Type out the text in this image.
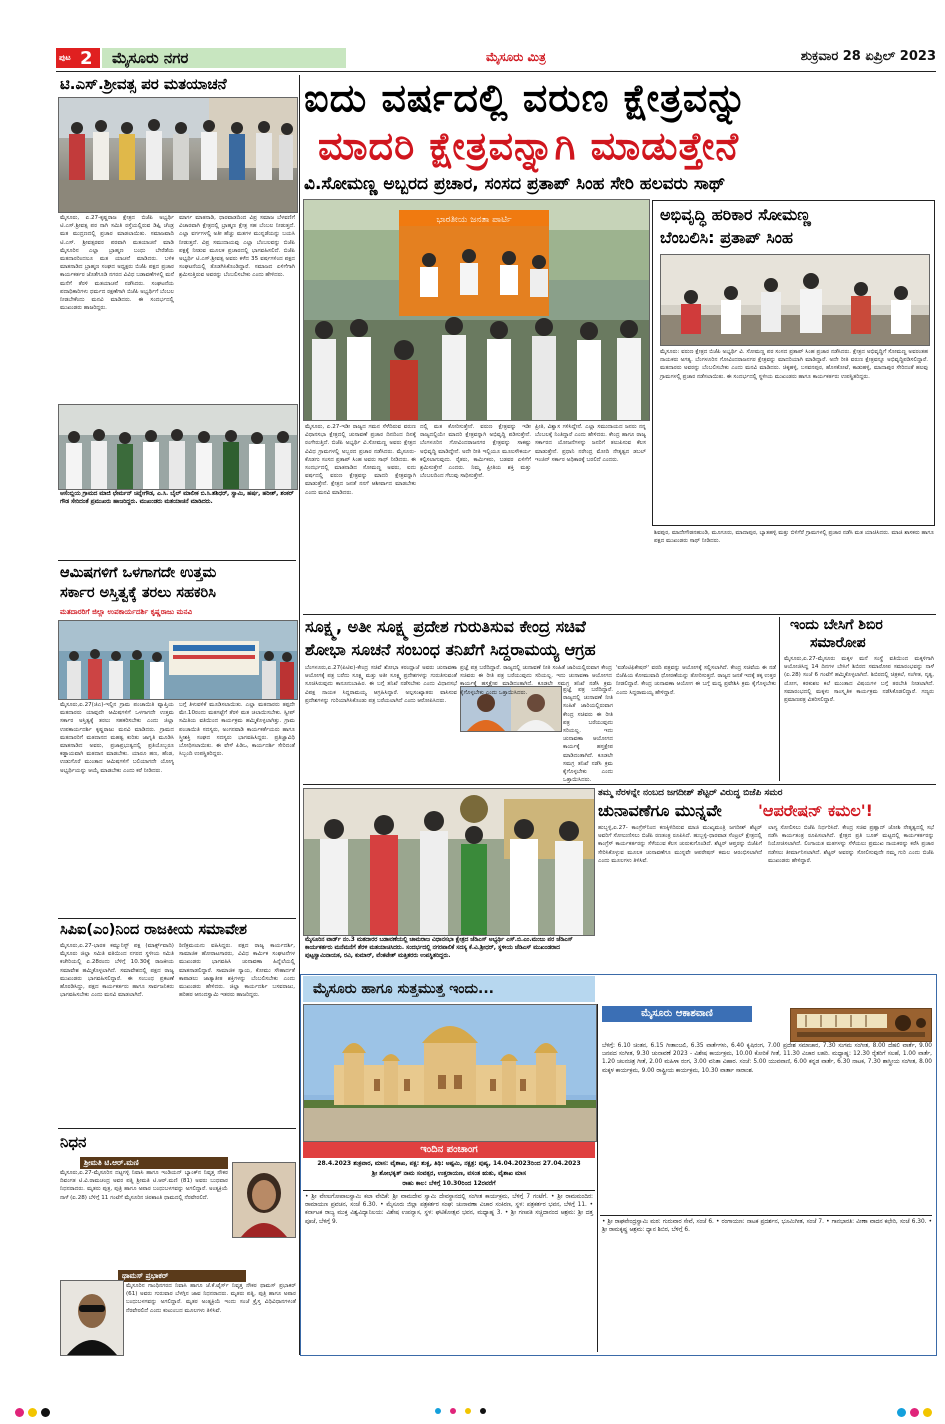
ಪುಟ 2	ಮೈಸೂರು ನಗರ	ಮೈಸೂರು ಮಿತ್ರ	ಶುಕ್ರವಾರ 28 ಏಪ್ರಿಲ್ 2023
ಟಿ.ಎಸ್.ಶ್ರೀವತ್ಸ ಪರ ಮತಯಾಚನೆ
ಮೈಸೂರು, ಏ.27-ಕೃಷ್ಣರಾಜ ಕ್ಷೇತ್ರದ ಬಿಜೆಪಿ ಅಭ್ಯರ್ಥಿ ಟಿ.ಎಸ್.ಶ್ರೀವತ್ಸ ಪರ ನಾಗಿ ಸಮಿತಿ ರಸ್ತೆಯಲ್ಲಿರುವ ಡಿಪ್ಪಿ ಚೆಂಡ್ರ ಮತ ಮುದ್ರಣದಲ್ಲಿ ಪ್ರಚಾರ ಮಾಡಲಾಯಿತು. ಸಮಾಜವಾದಿ ಟಿ.ಎಸ್. ಶ್ರೀವತ್ಸರವರ ಪರವಾಗಿ ಮತಯಾಚನೆ ಮಾಡಿ ಮೈಸೂರಿನ ಎಲ್ಲಾ ಬ್ರಾಹ್ಮಣ ಬಂಧು ಬೇರೆಡೆಯ ಮತದಾರರಿಂದಲೂ ಮತ ಯಾಚನೆ ಮಾಡಿದರು. ಬಳಿಕ ಮಾತನಾಡಿದ ಬ್ರಾಹ್ಮಣ ಸಂಘದ ಅಧ್ಯಕ್ಷರು ಬಿಜೆಪಿ ಪಕ್ಷದ ಪ್ರಚಾರ ಕಾರ್ಯಕರ್ತರ ಜೊತೆಗೂಡಿ ನಗರದ ವಿವಿಧ ಬಡಾವಣೆಗಳಲ್ಲಿ ಮನೆ ಮನೆಗೆ ತೆರಳಿ ಮತಯಾಚನೆ ನಡೆಸಿದರು. ಸಂಘಟನೆಯ ಪದಾಧಿಕಾರಿಗಳು ಧರ್ಮದ ರಕ್ಷಣೆಗಾಗಿ ಬಿಜೆಪಿ ಅಭ್ಯರ್ಥಿಗೆ ಬೆಂಬಲ ನೀಡಬೇಕೆಂದು ಮನವಿ ಮಾಡಿದರು. ಈ ಸಂದರ್ಭದಲ್ಲಿ ಮುಖಂಡರು ಹಾಜರಿದ್ದರು.
ಮಾರ್ಗ ಮಾತನಾಡಿ, ಧಾರವಾಡದಿಂದ ವಿಪ್ರ ಸಮಾಜ ಬೆಳವಣಿಗೆ ವಿಚಾರವಾಗಿ ಕ್ಷೇತ್ರದಲ್ಲಿ ಬ್ರಾಹ್ಮಣ ಕ್ಷೇತ್ರ ಸಹ ಬೆಂಬಲ ನೀಡುತ್ತದೆ. ಎಲ್ಲಾ ವರ್ಗಗಳಲ್ಲಿ ಅತೀ ಹೆಚ್ಚು ಮತಗಳ ಮುನ್ನಡೆಯನ್ನು ಬಯಸಿ ನೀಡುತ್ತದೆ. ವಿಪ್ರ ಸಮುದಾಯವು ಎಲ್ಲಾ ಬೆಂಬಲವನ್ನು ಬಿಜೆಪಿ ಪಕ್ಷಕ್ಕೆ ನೀಡುವ ಮೂಲಕ ಪ್ರಚಾರದಲ್ಲಿ ಭಾಗವಹಿಸಲಿದೆ. ಬಿಜೆಪಿ ಅಭ್ಯರ್ಥಿ ಟಿ.ಎಸ್.ಶ್ರೀವತ್ಸ ಅವರು ಕಳೆದ 35 ವರ್ಷಗಳಿಂದ ಪಕ್ಷದ ಸಂಘಟನೆಯಲ್ಲಿ ತೊಡಗಿಸಿಕೊಂಡಿದ್ದಾರೆ. ಸಮಾಜದ ಏಳಿಗೆಗಾಗಿ ಶ್ರಮಿಸುತ್ತಿರುವ ಅವರನ್ನು ಬೆಂಬಲಿಸಬೇಕು ಎಂದು ಹೇಳಿದರು.
ಆಸೆಂಬ್ಲಿಯ ಗ್ರಾಮದ ಮಾಜಿ ಛೇರ್ಮನ್ ಚಿನ್ನೇಗೌಡ, ಎ.ಸಿ. ಬೈಲ್ ಮಾಲೀಕ ಬಿ.ಸಿ.ಶಶಿಧರ್, ಸ್ವಾಮಿ, ಹರ್ಷ, ಹರೀಶ್, ಶಂಕರ್ ಗೌಡ ಸೇರಿದಂತೆ ಪ್ರಮುಖರು ಹಾಜರಿದ್ದರು. ಮುಖಂಡರು ಮತಯಾಚನೆ ಮಾಡಿದರು.
ಆಮಿಷಗಳಿಗೆ ಒಳಗಾಗದೇ ಉತ್ತಮ
ಸರ್ಕಾರ ಅಸ್ತಿತ್ವಕ್ಕೆ ತರಲು ಸಹಕರಿಸಿ
ಮತದಾರರಿಗೆ ಜಿಲ್ಲಾ ಉಪಕಾರ್ಯದರ್ಶಿ ಕೃಷ್ಣರಾಜು ಮನವಿ
ಮೈಸೂರು,ಏ.27(ಜಿಎ)-ಇಲ್ಲಿನ ಗ್ರಾಮ ಪಂಚಾಯಿತಿ ವ್ಯಾಪ್ತಿಯ ಮತದಾರರು ಯಾವುದೇ ಆಮಿಷಗಳಿಗೆ ಒಳಗಾಗದೇ ಉತ್ತಮ ಸರ್ಕಾರ ಅಸ್ತಿತ್ವಕ್ಕೆ ತರಲು ಸಹಕರಿಸಬೇಕು ಎಂದು ಜಿಲ್ಲಾ ಉಪಕಾರ್ಯದರ್ಶಿ ಕೃಷ್ಣರಾಜು ಮನವಿ ಮಾಡಿದರು. ಗ್ರಾಮದ ಮತದಾರರಿಗೆ ಮತದಾನದ ಮಹತ್ವ ಕುರಿತು ಜಾಗೃತಿ ಮೂಡಿಸಿ ಮಾತನಾಡಿದ ಅವರು, ಪ್ರಜಾಪ್ರಭುತ್ವದಲ್ಲಿ ಪ್ರತಿಯೊಬ್ಬರೂ ಕಡ್ಡಾಯವಾಗಿ ಮತದಾನ ಮಾಡಬೇಕು. ಯಾರೂ ಹಣ, ಹೆಂಡ, ಉಡುಗೊರೆ ಮುಂತಾದ ಆಮಿಷಗಳಿಗೆ ಬಲಿಯಾಗದೇ ಯೋಗ್ಯ ಅಭ್ಯರ್ಥಿಯನ್ನು ಆಯ್ಕೆ ಮಾಡಬೇಕು ಎಂದು ಕರೆ ನೀಡಿದರು.
ಬಗ್ಗೆ ತಿಳುವಳಿಕೆ ಮೂಡಿಸಲಾಯಿತು. ಎಲ್ಲಾ ಮತದಾರರು ತಪ್ಪದೇ ಮೇ.10ರಂದು ಮತಗಟ್ಟೆಗೆ ತೆರಳಿ ಮತ ಚಲಾಯಿಸಬೇಕು. ಸ್ವೀಪ್ ಸಮಿತಿಯ ವತಿಯಿಂದ ಕಾರ್ಯಕ್ರಮ ಹಮ್ಮಿಕೊಳ್ಳಲಾಗಿತ್ತು. ಗ್ರಾಮ ಪಂಚಾಯಿತಿ ಸದಸ್ಯರು, ಅಂಗನವಾಡಿ ಕಾರ್ಯಕರ್ತೆಯರು ಹಾಗೂ ಸ್ತ್ರೀಶಕ್ತಿ ಸಂಘದ ಸದಸ್ಯರು ಭಾಗವಹಿಸಿದ್ದರು. ಪ್ರತಿಜ್ಞಾವಿಧಿ ಬೋಧಿಸಲಾಯಿತು. ಈ ವೇಳೆ ಪಿಡಿಒ, ಕಾರ್ಯದರ್ಶಿ ಸೇರಿದಂತೆ ಸಿಬ್ಬಂದಿ ಉಪಸ್ಥಿತರಿದ್ದರು.
ಸಿಪಿಐ(ಎಂ)ನಿಂದ ರಾಜಕೀಯ ಸಮಾವೇಶ
ಮೈಸೂರು,ಏ.27-ಭಾರತ ಕಮ್ಯುನಿಸ್ಟ್ ಪಕ್ಷ (ಮಾರ್ಕ್ಸ್‌ವಾದಿ) ಮೈಸೂರು ಜಿಲ್ಲಾ ಸಮಿತಿ ವತಿಯಿಂದ ನಗರದ ಸ್ಥಳೀಯ ಸಮಿತಿ ಕಚೇರಿಯಲ್ಲಿ ಏ.28ರಂದು ಬೆಳಿಗ್ಗೆ 10.30ಕ್ಕೆ ರಾಜಕೀಯ ಸಮಾವೇಶ ಹಮ್ಮಿಕೊಳ್ಳಲಾಗಿದೆ. ಸಮಾವೇಶದಲ್ಲಿ ಪಕ್ಷದ ರಾಜ್ಯ ಮುಖಂಡರು ಭಾಗವಹಿಸಲಿದ್ದಾರೆ. ಈ ಸಂಬಂಧ ಪ್ರಕಟಣೆ ಹೊರಡಿಸಿದ್ದು, ಪಕ್ಷದ ಕಾರ್ಯಕರ್ತರು ಹಾಗೂ ಸಾರ್ವಜನಿಕರು ಭಾಗವಹಿಸಬೇಕು ಎಂದು ಮನವಿ ಮಾಡಲಾಗಿದೆ.
ಠಿಣಿಕ್ರಮಯನು ವಹಿಸಿದ್ದರು. ಪಕ್ಷದ ರಾಜ್ಯ ಕಾರ್ಯದರ್ಶಿ, ಸಾಮಾಜಿಕ ಹೋರಾಟಗಾರರು, ವಿವಿಧ ಕಾರ್ಮಿಕ ಸಂಘಟನೆಗಳ ಮುಖಂಡರು ಭಾಗವಹಿಸಿ ಚುನಾವಣಾ ಹಿನ್ನೆಲೆಯಲ್ಲಿ ಮಾತನಾಡಲಿದ್ದಾರೆ. ಸಾಮಾಜಿಕ ನ್ಯಾಯ, ಕೋಮು ಸೌಹಾರ್ದತೆ ಕಾಪಾಡಲು ಜಾತ್ಯಾತೀತ ಶಕ್ತಿಗಳನ್ನು ಬೆಂಬಲಿಸಬೇಕು ಎಂದು ಮುಖಂಡರು ಹೇಳಿದರು. ಜಿಲ್ಲಾ ಕಾರ್ಯದರ್ಶಿ ಬಸವರಾಜು, ಹರಿಹರ ಆನಂದಸ್ವಾಮಿ ಇತರರು ಹಾಜರಿದ್ದರು.
ನಿಧನ
ಶ್ರೀಮತಿ ಟಿ.ಆರ್.ಮಣಿ
ಮೈಸೂರು,ಏ.27-ಮೈಸೂರಿನ ದಟ್ಟಗಳ್ಳಿ ನಿವಾಸಿ ಹಾಗೂ ಇಂಡಿಯನ್ ಬ್ಯಾಂಕ್‌ನ ನಿವೃತ್ತ ನೌಕರ ದಿವಂಗತ ಟಿ.ವಿ.ರಾಮಚಂದ್ರ ಅವರ ಪತ್ನಿ ಶ್ರೀಮತಿ ಟಿ.ಆರ್.ಮಣಿ (81) ಅವರು ಬುಧವಾರ ನಿಧನರಾದರು. ಮೃತರು ಪುತ್ರ, ಪುತ್ರಿ ಹಾಗೂ ಅಪಾರ ಬಂಧುಬಳಗವನ್ನು ಅಗಲಿದ್ದಾರೆ. ಅಂತ್ಯಕ್ರಿಯೆ ನಾಳೆ (ಏ.28) ಬೆಳಿಗ್ಗೆ 11 ಗಂಟೆಗೆ ಮೈಸೂರಿನ ಚಿರಶಾಂತಿ ಧಾಮದಲ್ಲಿ ನೆರವೇರಲಿದೆ.
ಥಾಮಸ್ ಪ್ರಭಾಕರ್
ಮೈಸೂರಿನ ಗಾಂಧಿನಗರದ ನಿವಾಸಿ ಹಾಗೂ ಜೆ.ಕೆ.ಟೈರ್ಸ್ ನಿವೃತ್ತ ನೌಕರ ಥಾಮಸ್ ಪ್ರಭಾಕರ್ (61) ಅವರು ಗುರುವಾರ ಬೆಳಗ್ಗಿನ ಜಾವ ನಿಧನರಾದರು. ಮೃತರು ಪತ್ನಿ, ಪುತ್ರಿ ಹಾಗೂ ಅಪಾರ ಬಂಧುಬಳಗವನ್ನು ಅಗಲಿದ್ದಾರೆ. ಮೃತರ ಅಂತ್ಯಕ್ರಿಯೆ ಇಂದು ಸಂಜೆ ಕ್ರೈಸ್ತ ವಿಧಿವಿಧಾನಗಳಂತೆ ನೆರವೇರಲಿದೆ ಎಂದು ಕುಟುಂಬದ ಮೂಲಗಳು ತಿಳಿಸಿವೆ.
ಐದು ವರ್ಷದಲ್ಲಿ ವರುಣ ಕ್ಷೇತ್ರವನ್ನು
ಮಾದರಿ ಕ್ಷೇತ್ರವನ್ನಾಗಿ ಮಾಡುತ್ತೇನೆ
ವಿ.ಸೋಮಣ್ಣ ಅಬ್ಬರದ ಪ್ರಚಾರ, ಸಂಸದ ಪ್ರತಾಪ್ ಸಿಂಹ ಸೇರಿ ಹಲವರು ಸಾಥ್
ಭಾರತೀಯ ಜನತಾ ಪಾರ್ಟಿ
ಮೈಸೂರು, ಏ.27-ಇಡೀ ರಾಜ್ಯದ ಗಮನ ಸೆಳೆದಿರುವ ವರುಣ ವಿಧಾನಸಭಾ ಕ್ಷೇತ್ರದಲ್ಲಿ ಚುನಾವಣೆ ಪ್ರಚಾರ ದಿನದಿಂದ ದಿನಕ್ಕೆ ರಂಗೇರುತ್ತಿದೆ. ಬಿಜೆಪಿ ಅಭ್ಯರ್ಥಿ ವಿ.ಸೋಮಣ್ಣ ಅವರು ಕ್ಷೇತ್ರದ ವಿವಿಧ ಗ್ರಾಮಗಳಲ್ಲಿ ಅಬ್ಬರದ ಪ್ರಚಾರ ನಡೆಸಿದರು. ಮೈಸೂರು-ಕೊಡಗು ಸಂಸದ ಪ್ರತಾಪ್ ಸಿಂಹ ಅವರು ಸಾಥ್ ನೀಡಿದರು. ಈ ಸಂದರ್ಭದಲ್ಲಿ ಮಾತನಾಡಿದ ಸೋಮಣ್ಣ ಅವರು, ಐದು ವರ್ಷದಲ್ಲಿ ವರುಣ ಕ್ಷೇತ್ರವನ್ನು ಮಾದರಿ ಕ್ಷೇತ್ರವನ್ನಾಗಿ ಮಾಡುತ್ತೇನೆ. ಕ್ಷೇತ್ರದ ಜನತೆ ನನಗೆ ಆಶೀರ್ವಾದ ಮಾಡಬೇಕು ಎಂದು ಮನವಿ ಮಾಡಿದರು.
ದಲ್ಲಿ ಮತ ಕೋರಿಸುತ್ತೇನೆ. ವರುಣ ಕ್ಷೇತ್ರವನ್ನು ಇಡೀ ರಾಜ್ಯದಲ್ಲಿಯೇ ಮಾದರಿ ಕ್ಷೇತ್ರವನ್ನಾಗಿ ಅಭಿವೃದ್ಧಿ ಪಡಿಸುತ್ತೇನೆ. ಬೆಂಗಳೂರಿನ ಗೋವಿಂದರಾಜನಗರ ಕ್ಷೇತ್ರವನ್ನು ಸಾಕಷ್ಟು ಅಭಿವೃದ್ಧಿ ಮಾಡಿದ್ದೇನೆ. ಅದೇ ರೀತಿ ಇಲ್ಲಿಯೂ ಮೂಲಸೌಕರ್ಯ ಕಲ್ಪಿಸಲಾಗುವುದು. ರೈತರು, ಕಾರ್ಮಿಕರು, ಬಡವರ ಏಳಿಗೆಗೆ ಶ್ರಮಿಸುತ್ತೇನೆ ಎಂದರು. ನಿಮ್ಮ ಪ್ರೀತಿಯ ಶಕ್ತಿ ಮತ್ತು ಬೆಂಬಲದಿಂದ ಗೆಲುವು ಸಾಧಿಸುತ್ತೇನೆ.
ಪ್ರೀತಿ, ವಿಶ್ವಾಸ ಗಳಿಸಿದ್ದೇನೆ. ಎಲ್ಲಾ ಸಮುದಾಯದ ಜನರು ನನ್ನ ಬೆಂಬಲಕ್ಕೆ ನಿಂತಿದ್ದಾರೆ ಎಂದು ಹೇಳಿದರು. ಕೇಂದ್ರ ಹಾಗೂ ರಾಜ್ಯ ಸರ್ಕಾರದ ಯೋಜನೆಗಳನ್ನು ಜನರಿಗೆ ತಲುಪಿಸುವ ಕೆಲಸ ಮಾಡುತ್ತೇನೆ. ಪ್ರಧಾನಿ ನರೇಂದ್ರ ಮೋದಿ ನೇತೃತ್ವದ ಡಬಲ್ ಇಂಜಿನ್ ಸರ್ಕಾರ ಅಧಿಕಾರಕ್ಕೆ ಬರಲಿದೆ ಎಂದರು.
ಅಭಿವೃದ್ಧಿ ಹರಿಕಾರ ಸೋಮಣ್ಣ
ಬೆಂಬಲಿಸಿ: ಪ್ರತಾಪ್ ಸಿಂಹ
ಮೈಸೂರು: ವರುಣ ಕ್ಷೇತ್ರದ ಬಿಜೆಪಿ ಅಭ್ಯರ್ಥಿ ವಿ. ಸೋಮಣ್ಣ ಪರ ಸಂಸದ ಪ್ರತಾಪ್ ಸಿಂಹ ಪ್ರಚಾರ ನಡೆಸಿದರು. ಕ್ಷೇತ್ರದ ಅಭಿವೃದ್ಧಿಗೆ ಸೋಮಣ್ಣ ಅವರಂತಹ ನಾಯಕರು ಅಗತ್ಯ. ಬೆಂಗಳೂರಿನ ಗೋವಿಂದರಾಜನಗರ ಕ್ಷೇತ್ರವನ್ನು ಮಾದರಿಯಾಗಿ ಮಾಡಿದ್ದಾರೆ. ಅದೇ ರೀತಿ ವರುಣ ಕ್ಷೇತ್ರವನ್ನೂ ಅಭಿವೃದ್ಧಿಪಡಿಸಲಿದ್ದಾರೆ. ಮತದಾರರು ಅವರನ್ನು ಬೆಂಬಲಿಸಬೇಕು ಎಂದು ಮನವಿ ಮಾಡಿದರು. ಚಿಕ್ಕಹಳ್ಳಿ, ಬಸವನಪುರ, ಹೊಸಕೋಟೆ, ಕಾಡುಹಳ್ಳಿ, ಮಾದಾಪುರ ಸೇರಿದಂತೆ ಹಲವು ಗ್ರಾಮಗಳಲ್ಲಿ ಪ್ರಚಾರ ನಡೆಸಲಾಯಿತು. ಈ ಸಂದರ್ಭದಲ್ಲಿ ಸ್ಥಳೀಯ ಮುಖಂಡರು ಹಾಗೂ ಕಾರ್ಯಕರ್ತರು ಉಪಸ್ಥಿತರಿದ್ದರು.
ಶಿವಪುರ, ಮಾದೇಗೌಡನಹುಂಡಿ, ಮೂಗೂರು, ಮಾದಾಪುರ, ಬ್ಯಾತಹಳ್ಳಿ ಮತ್ತು ಬಿಳಿಗೆರೆ ಗ್ರಾಮಗಳಲ್ಲಿ ಪ್ರಚಾರ ನಡೆಸಿ ಮತ ಯಾಚಿಸಿದರು. ಮಾಜಿ ಶಾಸಕರು ಹಾಗೂ ಪಕ್ಷದ ಮುಖಂಡರು ಸಾಥ್ ನೀಡಿದರು.
ಸೂಕ್ಷ್ಮ, ಅತೀ ಸೂಕ್ಷ್ಮ ಪ್ರದೇಶ ಗುರುತಿಸುವ ಕೇಂದ್ರ ಸಚಿವೆ
ಶೋಭಾ ಸೂಚನೆ ಸಂಬಂಧ ತನಿಖೆಗೆ ಸಿದ್ದರಾಮಯ್ಯ ಆಗ್ರಹ
ಬೆಂಗಳೂರು,ಏ.27(ಪಿಟಿಐ)-ಕೇಂದ್ರ ಸಚಿವೆ ಶೋಭಾ ಕರಂದ್ಲಾಜೆ ಅವರು ಚುನಾವಣಾ ಆಯೋಗಕ್ಕೆ ಪತ್ರ ಬರೆದು ಸೂಕ್ಷ್ಮ ಮತ್ತು ಅತೀ ಸೂಕ್ಷ್ಮ ಪ್ರದೇಶಗಳನ್ನು ಗುರುತಿಸುವಂತೆ ಸೂಚಿಸಿರುವುದು ಕಾನೂನುಬಾಹಿರ. ಈ ಬಗ್ಗೆ ತನಿಖೆ ನಡೆಸಬೇಕು ಎಂದು ವಿಧಾನಸಭೆ ವಿಪಕ್ಷ ನಾಯಕ ಸಿದ್ದರಾಮಯ್ಯ ಆಗ್ರಹಿಸಿದ್ದಾರೆ. ಅಲ್ಪಸಂಖ್ಯಾತರು ವಾಸಿಸುವ ಪ್ರದೇಶಗಳನ್ನು ಗುರಿಯಾಗಿಸಿಕೊಂಡು ಪತ್ರ ಬರೆಯಲಾಗಿದೆ ಎಂದು ಆರೋಪಿಸಿದರು.
ಪ್ರಜ್ಞೆ ಪತ್ರ ಬರೆದಿದ್ದಾರೆ. ರಾಜ್ಯದಲ್ಲಿ ಚುನಾವಣೆ ನೀತಿ ಸಂಹಿತೆ ಜಾರಿಯಲ್ಲಿರುವಾಗ ಕೇಂದ್ರ ಸಚಿವರು ಈ ರೀತಿ ಪತ್ರ ಬರೆಯುವುದು ಸರಿಯಲ್ಲ. ಇದು ಚುನಾವಣಾ ಆಯೋಗದ ಕಾರ್ಯಕ್ಕೆ ಹಸ್ತಕ್ಷೇಪ ಮಾಡಿದಂತಾಗಿದೆ. ಕೂಡಲೇ ಸಮಗ್ರ ತನಿಖೆ ನಡೆಸಿ ಕ್ರಮ ಕೈಗೊಳ್ಳಬೇಕು ಎಂದು ಒತ್ತಾಯಿಸಿದರು.	ಪ್ರಜ್ಞೆ ಪತ್ರ ಬರೆದಿದ್ದಾರೆ. ರಾಜ್ಯದಲ್ಲಿ ಚುನಾವಣೆ ನೀತಿ ಸಂಹಿತೆ ಜಾರಿಯಲ್ಲಿರುವಾಗ ಕೇಂದ್ರ ಸಚಿವರು ಈ ರೀತಿ ಪತ್ರ ಬರೆಯುವುದು ಸರಿಯಲ್ಲ. ಇದು ಚುನಾವಣಾ ಆಯೋಗದ ಕಾರ್ಯಕ್ಕೆ ಹಸ್ತಕ್ಷೇಪ ಮಾಡಿದಂತಾಗಿದೆ. ಕೂಡಲೇ ಸಮಗ್ರ ತನಿಖೆ ನಡೆಸಿ ಕ್ರಮ ಕೈಗೊಳ್ಳಬೇಕು ಎಂದು ಒತ್ತಾಯಿಸಿದರು.
'ಐಡೆಂಟಿಫಿಕೇಷನ್' ವರದಿ ಪತ್ರವನ್ನು ಆಯೋಗಕ್ಕೆ ಸಲ್ಲಿಸಲಾಗಿದೆ. ಕೇಂದ್ರ ಸಚಿವೆಯ ಈ ನಡೆ ಬಿಜೆಪಿಯ ಕೋಮುವಾದಿ ಧೋರಣೆಯನ್ನು ತೋರಿಸುತ್ತದೆ. ರಾಜ್ಯದ ಜನತೆ ಇದಕ್ಕೆ ತಕ್ಕ ಉತ್ತರ ನೀಡಲಿದ್ದಾರೆ. ಕೇಂದ್ರ ಚುನಾವಣಾ ಆಯೋಗ ಈ ಬಗ್ಗೆ ಮಧ್ಯ ಪ್ರವೇಶಿಸಿ ಕ್ರಮ ಕೈಗೊಳ್ಳಬೇಕು ಎಂದು ಸಿದ್ದರಾಮಯ್ಯ ಹೇಳಿದ್ದಾರೆ.
ಇಂದು ಬೇಸಿಗೆ ಶಿಬಿರ
ಸಮಾರೋಪ
ಮೈಸೂರು,ಏ.27-ಮೈಸೂರು ಮಕ್ಕಳ ಮನೆ ಸಂಸ್ಥೆ ವತಿಯಿಂದ ಮಕ್ಕಳಿಗಾಗಿ ಆಯೋಜಿಸಿದ್ದ 14 ದಿನಗಳ ಬೇಸಿಗೆ ಶಿಬಿರದ ಸಮಾರೋಪ ಸಮಾರಂಭವನ್ನು ನಾಳೆ (ಏ.28) ಸಂಜೆ 6 ಗಂಟೆಗೆ ಹಮ್ಮಿಕೊಳ್ಳಲಾಗಿದೆ. ಶಿಬಿರದಲ್ಲಿ ಚಿತ್ರಕಲೆ, ಸಂಗೀತ, ನೃತ್ಯ, ಯೋಗ, ಕರಕುಶಲ ಕಲೆ ಮುಂತಾದ ವಿಷಯಗಳ ಬಗ್ಗೆ ತರಬೇತಿ ನೀಡಲಾಗಿದೆ. ಸಮಾರಂಭದಲ್ಲಿ ಮಕ್ಕಳು ಸಾಂಸ್ಕೃತಿಕ ಕಾರ್ಯಕ್ರಮ ನಡೆಸಿಕೊಡಲಿದ್ದಾರೆ. ಗಣ್ಯರು ಪ್ರಮಾಣಪತ್ರ ವಿತರಿಸಲಿದ್ದಾರೆ.
ಮೈಸೂರಿನ ವಾರ್ಡ್ ನಂ.3 ಮತದಾರರ ಬಡಾವಣೆಯಲ್ಲಿ ಚಾಮರಾಜ ವಿಧಾನಸಭಾ ಕ್ಷೇತ್ರದ ಜೆಡಿಎಸ್ ಅಭ್ಯರ್ಥಿ ಎಸ್.ಬಿ.ಎಂ.ಮಂಜು ಪರ ಜೆಡಿಎಸ್ ಕಾರ್ಯಕರ್ತರು ಮನೆಮನೆಗೆ ತೆರಳಿ ಮತಯಾಚಿಸಿದರು. ಸಂದರ್ಭದಲ್ಲಿ ನಗರಪಾಲಿಕೆ ಸದಸ್ಯ ಕೆ.ವಿ.ಶ್ರೀಧರ್, ಸ್ಥಳೀಯ ಜೆಡಿಎಸ್ ಮುಖಂಡರಾದ ಪುಟ್ಟಸ್ವಾಮಿನಾಯಕ, ರವಿ, ಕುಮಾರ್, ವೆಂಕಟೇಶ್ ಮತ್ತಿತರರು ಉಪಸ್ಥಿತರಿದ್ದರು.
ತಮ್ಮ ನೆರಳನ್ನೇ ನಂಬದ ಜಗದೀಶ್ ಶೆಟ್ಟರ್ ವಿರುದ್ಧ ಬಿಜೆಪಿ ಸಮರ
ಚುನಾವಣೆಗೂ ಮುನ್ನವೇ	'ಆಪರೇಷನ್ ಕಮಲ'!
ಹುಬ್ಬಳ್ಳಿ,ಏ.27- ಕಾಂಗ್ರೆಸ್‌ನಿಂದ ಕಣಕ್ಕಿಳಿದಿರುವ ಮಾಜಿ ಮುಖ್ಯಮಂತ್ರಿ ಜಗದೀಶ್ ಶೆಟ್ಟರ್ ಅವರಿಗೆ ಸೋಲುಣಿಸಲು ಬಿಜೆಪಿ ರಣತಂತ್ರ ರೂಪಿಸಿದೆ. ಹುಬ್ಬಳ್ಳಿ-ಧಾರವಾಡ ಸೆಂಟ್ರಲ್ ಕ್ಷೇತ್ರದಲ್ಲಿ ಕಾಂಗ್ರೆಸ್ ಕಾರ್ಯಕರ್ತರನ್ನು ಸೆಳೆಯುವ ಕೆಲಸ ಚುರುಕುಗೊಂಡಿದೆ. ಶೆಟ್ಟರ್ ಆಪ್ತರನ್ನು ಬಿಜೆಪಿಗೆ ಸೇರಿಸಿಕೊಳ್ಳುವ ಮೂಲಕ ಚುನಾವಣೆಗೂ ಮುನ್ನವೇ ಆಪರೇಷನ್ ಕಮಲ ಆರಂಭಿಸಲಾಗಿದೆ ಎಂದು ಮೂಲಗಳು ತಿಳಿಸಿವೆ.
ಲಾಗ್ಯ ಸೋಲಿಸಲು ಬಿಜೆಪಿ ನಿರ್ಧರಿಸಿದೆ. ಕೇಂದ್ರ ಸಚಿವ ಪ್ರಹ್ಲಾದ್ ಜೋಶಿ ನೇತೃತ್ವದಲ್ಲಿ ಸಭೆ ನಡೆಸಿ ಕಾರ್ಯತಂತ್ರ ರೂಪಿಸಲಾಗಿದೆ. ಕ್ಷೇತ್ರದ ಪ್ರತಿ ಬೂತ್ ಮಟ್ಟದಲ್ಲಿ ಕಾರ್ಯಕರ್ತರನ್ನು ನಿಯೋಜಿಸಲಾಗಿದೆ. ಲಿಂಗಾಯತ ಮತಗಳನ್ನು ಸೆಳೆಯಲು ಪ್ರಮುಖ ನಾಯಕರನ್ನು ಕರೆಸಿ ಪ್ರಚಾರ ನಡೆಸಲು ತೀರ್ಮಾನಿಸಲಾಗಿದೆ. ಶೆಟ್ಟರ್ ಅವರನ್ನು ಸೋಲಿಸುವುದೇ ನಮ್ಮ ಗುರಿ ಎಂದು ಬಿಜೆಪಿ ಮುಖಂಡರು ಹೇಳಿದ್ದಾರೆ.
ಮೈಸೂರು ಹಾಗೂ ಸುತ್ತಮುತ್ತ ಇಂದು...
ಇಂದಿನ ಪಂಚಾಂಗ
28.4.2023 ಶುಕ್ರವಾರ, ಮಾಸ: ವೈಶಾಖ, ಪಕ್ಷ: ಶುಕ್ಲ, ತಿಥಿ: ಅಷ್ಟಮಿ, ನಕ್ಷತ್ರ: ಪುಷ್ಯ, 14.04.2023ರಿಂದ 27.04.2023
ಶ್ರೀ ಶೋಭಕೃತ್ ನಾಮ ಸಂವತ್ಸರ, ಉತ್ತರಾಯಣ, ವಸಂತ ಋತು, ವೈಶಾಖ ಮಾಸ
ರಾಹು ಕಾಲ: ಬೆಳಿಗ್ಗೆ 10.30ರಿಂದ 12ರವರೆಗೆ
• ಶ್ರೀ ವೇಣುಗೋಪಾಲಸ್ವಾಮಿ ಕಲಾ ವೇದಿಕೆ: ಶ್ರೀ ವಾಮದೇವ ಸ್ವಾಮಿ ದೇವಸ್ಥಾನದಲ್ಲಿ ಸಂಗೀತ ಕಾರ್ಯಕ್ರಮ, ಬೆಳಿಗ್ಗೆ 7 ಗಂಟೆಗೆ. • ಶ್ರೀ ರಾಮಮಂದಿರ: ರಾಮಾಯಣ ಪ್ರವಚನ, ಸಂಜೆ 6.30. • ಮೈಸೂರು ಜಿಲ್ಲಾ ಪತ್ರಕರ್ತರ ಸಂಘ: ಚುನಾವಣಾ ವಿಚಾರ ಸಂಕಿರಣ, ಸ್ಥಳ: ಪತ್ರಕರ್ತರ ಭವನ, ಬೆಳಿಗ್ಗೆ 11. • ಕರ್ನಾಟಕ ರಾಜ್ಯ ಮುಕ್ತ ವಿಶ್ವವಿದ್ಯಾನಿಲಯ: ವಿಶೇಷ ಉಪನ್ಯಾಸ, ಸ್ಥಳ: ಘಟಿಕೋತ್ಸವ ಭವನ, ಮಧ್ಯಾಹ್ನ 3. • ಶ್ರೀ ಗಣಪತಿ ಸಚ್ಚಿದಾನಂದ ಆಶ್ರಮ: ಶ್ರೀ ದತ್ತ ಪೂಜೆ, ಬೆಳಿಗ್ಗೆ 9.
ಮೈಸೂರು ಆಕಾಶವಾಣಿ
ಬೆಳಿಗ್ಗೆ: 6.10 ಚಿಂತನ, 6.15 ಗೀತಾಂಜಲಿ, 6.35 ವಾರ್ತೆಗಳು, 6.40 ಕೃಷಿರಂಗ, 7.00 ಪ್ರದೇಶ ಸಮಾಚಾರ, 7.30 ಸುಗಮ ಸಂಗೀತ, 8.00 ದೆಹಲಿ ವಾರ್ತೆ, 9.00 ಜನಪದ ಸಂಗೀತ, 9.30 ಚುನಾವಣೆ 2023 - ವಿಶೇಷ ಕಾರ್ಯಕ್ರಮ, 10.00 ಕೋರಿಕೆ ಗೀತೆ, 11.30 ವಿಚಾರ ಲಹರಿ. ಮಧ್ಯಾಹ್ನ: 12.30 ರೈತರಿಗೆ ಸಲಹೆ, 1.00 ವಾರ್ತೆ, 1.20 ಚಲನಚಿತ್ರ ಗೀತೆ, 2.00 ಮಹಿಳಾ ರಂಗ, 3.00 ವನಿತಾ ವಿಹಾರ. ಸಂಜೆ: 5.00 ಯುವವಾಣಿ, 6.00 ಕನ್ನಡ ವಾರ್ತೆ, 6.30 ನಾಟಕ, 7.30 ಶಾಸ್ತ್ರೀಯ ಸಂಗೀತ, 8.00 ಮಕ್ಕಳ ಕಾರ್ಯಕ್ರಮ, 9.00 ರಾಷ್ಟ್ರೀಯ ಕಾರ್ಯಕ್ರಮ, 10.30 ವಾರ್ತಾ ಸಾರಾಂಶ.
• ಶ್ರೀ ರಾಘವೇಂದ್ರಸ್ವಾಮಿ ಮಠ: ಗುರುವಾರ ಸೇವೆ, ಸಂಜೆ 6. • ರಂಗಾಯಣ: ನಾಟಕ ಪ್ರದರ್ಶನ, ಭೂಮಿಗೀತ, ಸಂಜೆ 7. • ಗಾನಭಾರತಿ: ವೀಣಾ ವಾದನ ಕಛೇರಿ, ಸಂಜೆ 6.30. • ಶ್ರೀ ರಾಮಕೃಷ್ಣ ಆಶ್ರಮ: ಧ್ಯಾನ ಶಿಬಿರ, ಬೆಳಿಗ್ಗೆ 6.
